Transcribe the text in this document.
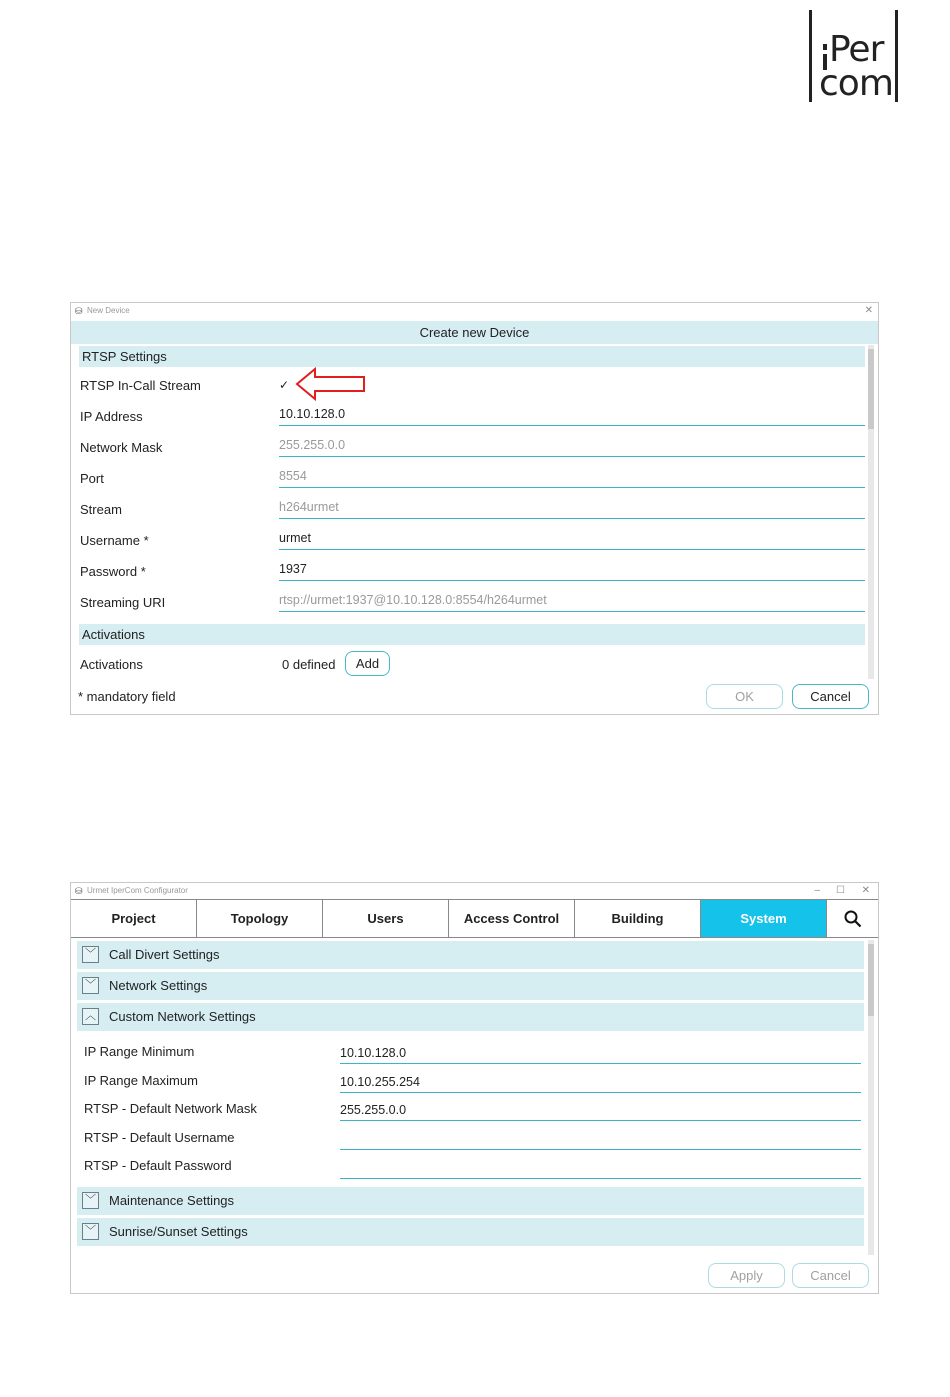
Per
com
⛁ New Device	✕
Create new Device
RTSP Settings
RTSP In-Call Stream	✓
IP Address	10.10.128.0
Network Mask	255.255.0.0
Port	8554
Stream	h264urmet
Username *	urmet
Password *	1937
Streaming URI	rtsp://urmet:1937@10.10.128.0:8554/h264urmet
Activations
Activations	0 defined	Add
* mandatory field	OK	Cancel
⛁ Urmet IperCom Configurator	– ☐ ✕
Project	Topology	Users	Access Control	Building	System
﹀ Call Divert Settings
﹀ Network Settings
︿ Custom Network Settings
IP Range Minimum	10.10.128.0
IP Range Maximum	10.10.255.254
RTSP - Default Network Mask	255.255.0.0
RTSP - Default Username
RTSP - Default Password
﹀ Maintenance Settings
﹀ Sunrise/Sunset Settings
Apply	Cancel
